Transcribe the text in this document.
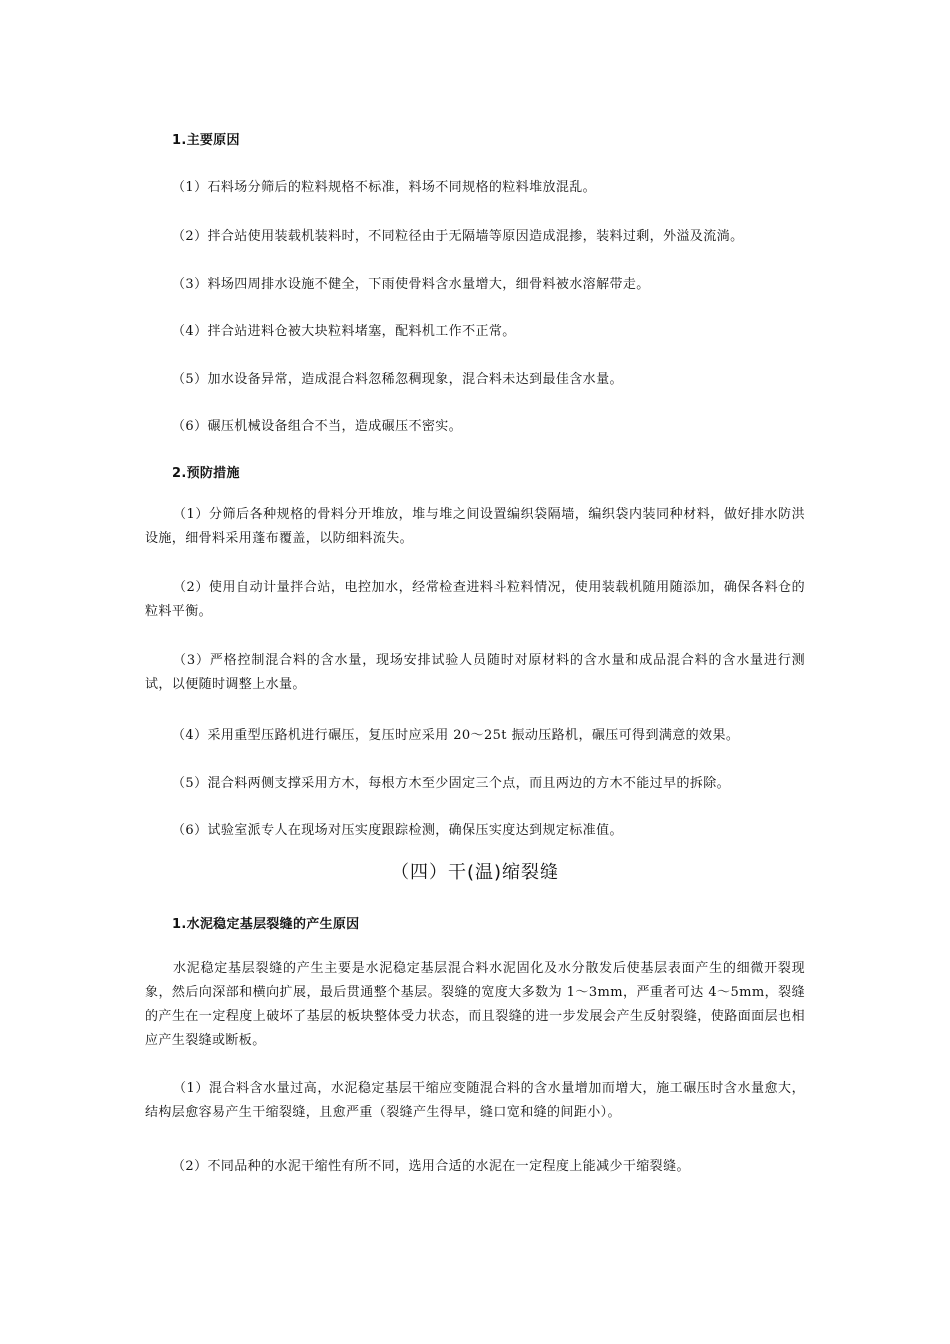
1.主要原因
（1）石料场分筛后的粒料规格不标准，料场不同规格的粒料堆放混乱。
（2）拌合站使用装载机装料时，不同粒径由于无隔墙等原因造成混掺，装料过剩，外溢及流淌。
（3）料场四周排水设施不健全，下雨使骨料含水量增大，细骨料被水溶解带走。
（4）拌合站进料仓被大块粒料堵塞，配料机工作不正常。
（5）加水设备异常，造成混合料忽稀忽稠现象，混合料未达到最佳含水量。
（6）碾压机械设备组合不当，造成碾压不密实。
2.预防措施
（1）分筛后各种规格的骨料分开堆放，堆与堆之间设置编织袋隔墙，编织袋内装同种材料，做好排水防洪设施，细骨料采用蓬布覆盖，以防细料流失。
（2）使用自动计量拌合站，电控加水，经常检查进料斗粒料情况，使用装载机随用随添加，确保各料仓的粒料平衡。
（3）严格控制混合料的含水量，现场安排试验人员随时对原材料的含水量和成品混合料的含水量进行测试，以便随时调整上水量。
（4）采用重型压路机进行碾压，复压时应采用 20～25t 振动压路机，碾压可得到满意的效果。
（5）混合料两侧支撑采用方木，每根方木至少固定三个点，而且两边的方木不能过早的拆除。
（6）试验室派专人在现场对压实度跟踪检测，确保压实度达到规定标准值。
（四）干(温)缩裂缝
1.水泥稳定基层裂缝的产生原因
水泥稳定基层裂缝的产生主要是水泥稳定基层混合料水泥固化及水分散发后使基层表面产生的细微开裂现象，然后向深部和横向扩展，最后贯通整个基层。裂缝的宽度大多数为 1～3mm，严重者可达 4～5mm，裂缝的产生在一定程度上破坏了基层的板块整体受力状态，而且裂缝的进一步发展会产生反射裂缝，使路面面层也相应产生裂缝或断板。
（1）混合料含水量过高，水泥稳定基层干缩应变随混合料的含水量增加而增大，施工碾压时含水量愈大，结构层愈容易产生干缩裂缝，且愈严重（裂缝产生得早，缝口宽和缝的间距小）。
（2）不同品种的水泥干缩性有所不同，选用合适的水泥在一定程度上能减少干缩裂缝。
